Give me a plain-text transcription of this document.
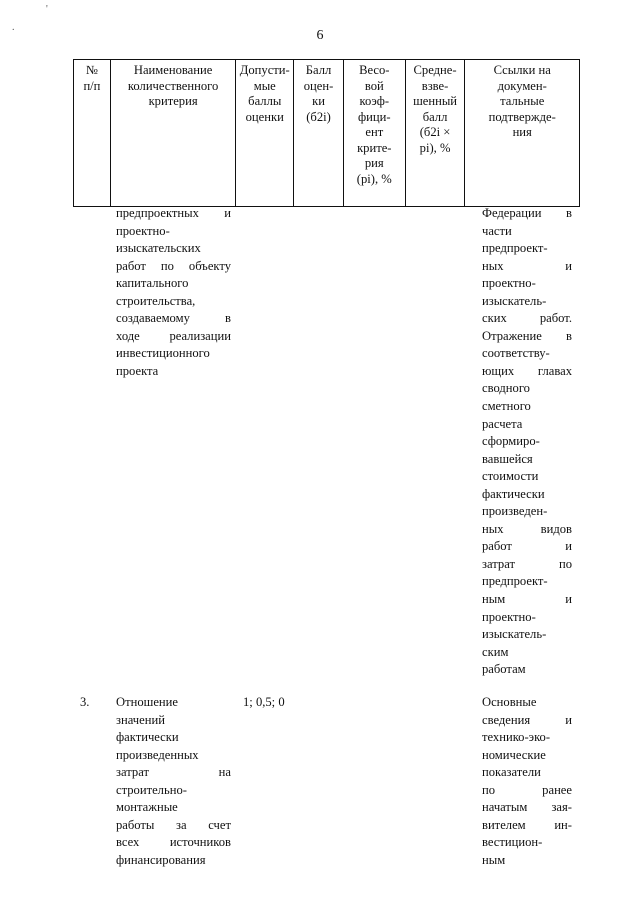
'
.
6
№
п/п
Наименование
количественного
критерия
Допусти-
мые
баллы
оценки
Балл
оцен-
ки
(б2i)
Весо-
вой
коэф-
фици-
ент
крите-
рия
(pi), %
Средне-
взве-
шенный
балл
(б2i ×
pi), %
Ссылки на
докумен-
тальные
подтвержде-
ния
предпроектных и
проектно-
изыскательских
работ по объекту
капитального
строительства,
создаваемому в
ходе реализации
инвестиционного
проекта
Федерации в
части
предпроект-
ных и
проектно-
изыскатель-
ских работ.
Отражение в
соответству-
ющих главах
сводного
сметного
расчета
сформиро-
вавшейся
стоимости
фактически
произведен-
ных видов
работ и
затрат по
предпроект-
ным и
проектно-
изыскатель-
ским
работам
3. Отношение
значений
фактически
произведенных
затрат на
строительно-
монтажные
работы за счет
всех источников
финансирования
1; 0,5; 0	Основные
сведения и
технико-эко-
номические
показатели
по ранее
начатым зая-
вителем ин-
вестицион-
ным
